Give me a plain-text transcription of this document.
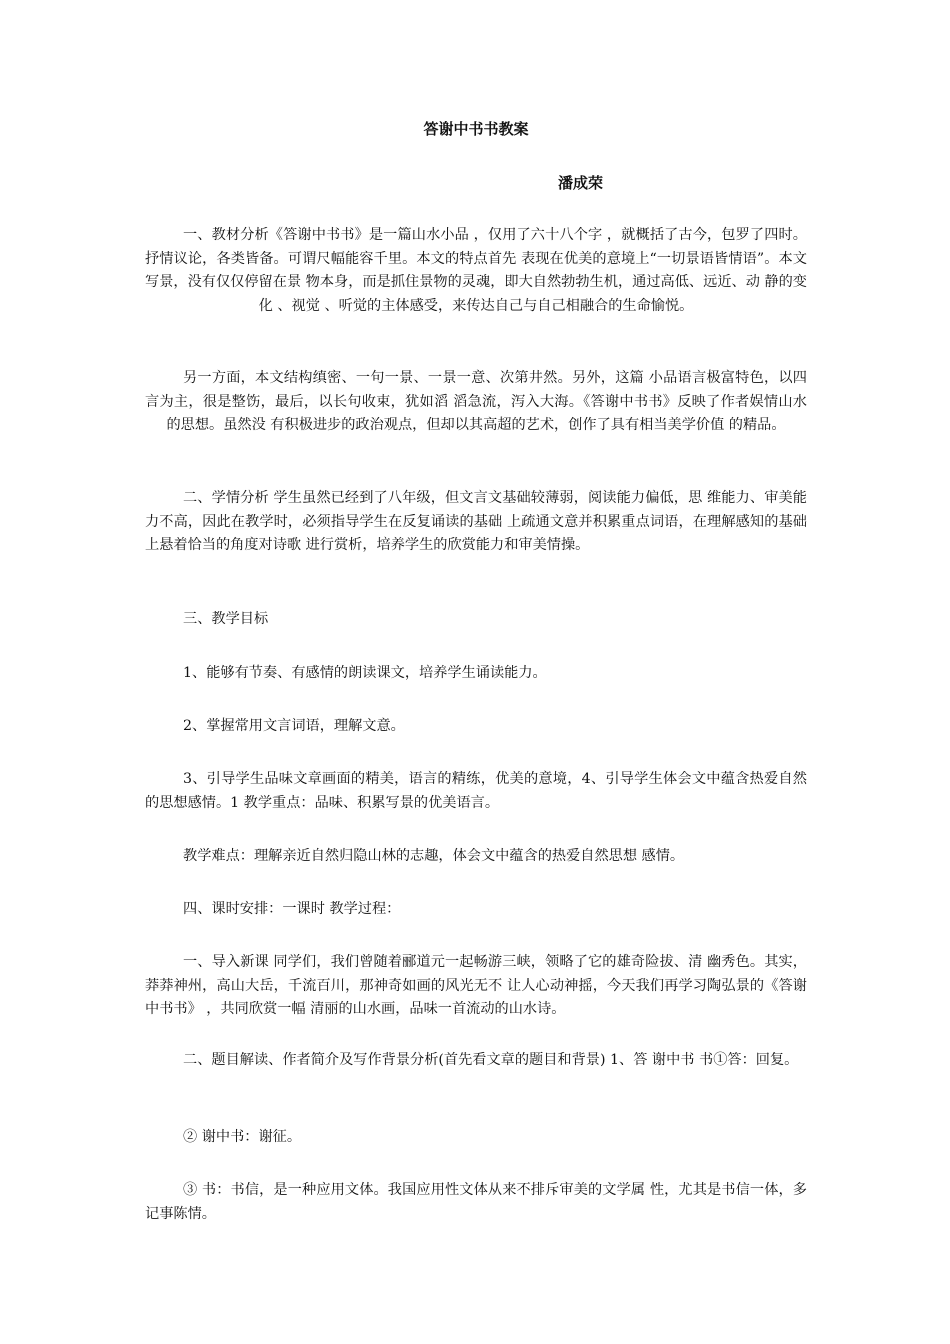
答谢中书书教案
潘成荣

一、教材分析《答谢中书书》是一篇山水小品 ，仅用了六十八个字 ，就概括了古今，包罗了四时。抒情议论，各类皆备。可谓尺幅能容千里。本文的特点首先 表现在优美的意境上“一切景语皆情语”。本文写景，没有仅仅停留在景 物本身，而是抓住景物的灵魂，即大自然勃勃生机，通过高低、远近、动 静的变化 、视觉 、听觉的主体感受，来传达自己与自己相融合的生命愉悦。

另一方面，本文结构缜密、一句一景、一景一意、次第井然。另外，这篇 小品语言极富特色，以四言为主，很是整饬，最后，以长句收束，犹如滔 滔急流，泻入大海。《答谢中书书》反映了作者娱情山水的思想。虽然没 有积极进步的政治观点，但却以其高超的艺术，创作了具有相当美学价值 的精品。

二、学情分析 学生虽然已经到了八年级，但文言文基础较薄弱，阅读能力偏低，思 维能力、审美能力不高，因此在教学时，必须指导学生在反复诵读的基础 上疏通文意并积累重点词语，在理解感知的基础上悬着恰当的角度对诗歌 进行赏析，培养学生的欣赏能力和审美情操。

三、教学目标

1、能够有节奏、有感情的朗读课文，培养学生诵读能力。

2、掌握常用文言词语，理解文意。

3、引导学生品味文章画面的精美，语言的精练，优美的意境，4、引导学生体会文中蕴含热爱自然的思想感情。1 教学重点：品味、积累写景的优美语言。

教学难点：理解亲近自然归隐山林的志趣，体会文中蕴含的热爱自然思想 感情。

四、课时安排：一课时 教学过程：

一、导入新课 同学们，我们曾随着郦道元一起畅游三峡，领略了它的雄奇险拔、清 幽秀色。其实，莽莽神州，高山大岳，千流百川，那神奇如画的风光无不 让人心动神摇，今天我们再学习陶弘景的《答谢中书书》 ，共同欣赏一幅 清丽的山水画，品味一首流动的山水诗。

二、题目解读、作者简介及写作背景分析(首先看文章的题目和背景) 1、答 谢中书 书①答：回复。

② 谢中书：谢征。

③ 书：书信，是一种应用文体。我国应用性文体从来不排斥审美的文学属 性，尤其是书信一体，多记事陈情。
